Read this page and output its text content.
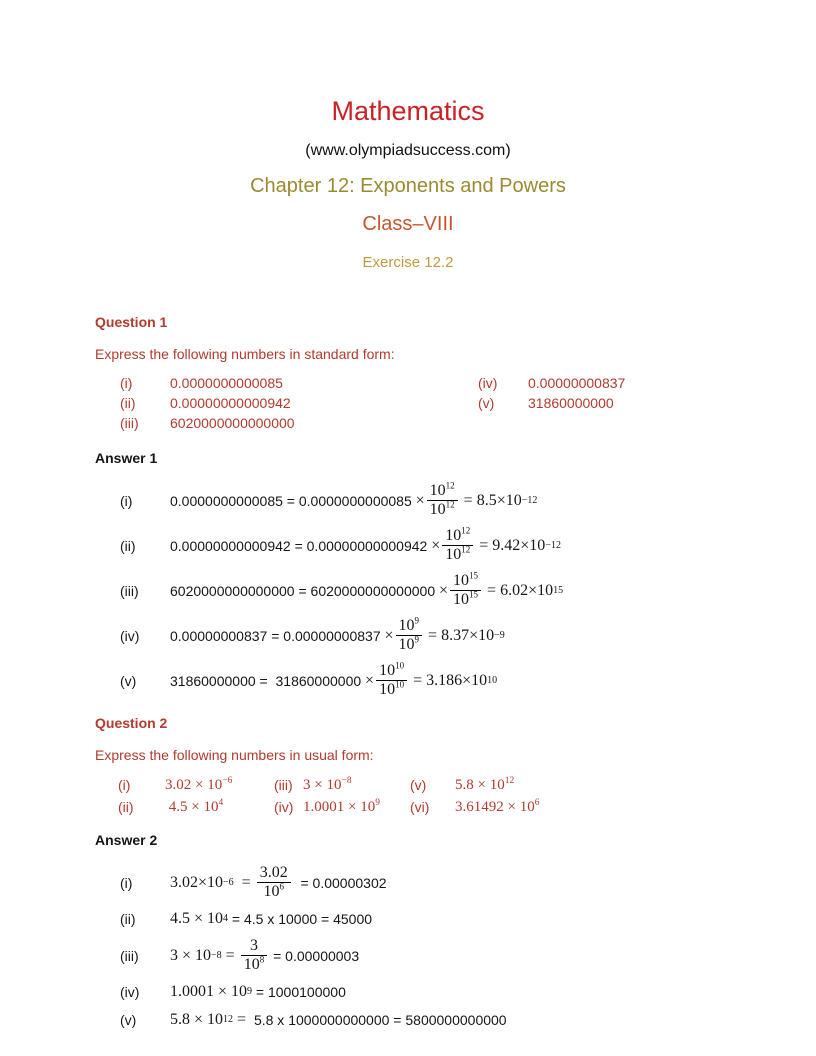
Mathematics
(www.olympiadsuccess.com)
Chapter 12: Exponents and Powers
Class–VIII
Exercise 12.2
Question 1

Express the following numbers in standard form:

(i)	0.0000000000085
(ii)	0.00000000000942
(iii)	6020000000000000
(iv)	0.00000000837
(v)	31860000000
Answer 1
(i)	$0.0000000000085 = 0.0000000000085 \times \frac{10^{12}}{10^{12}} = 8.5\times 10 -12$
(ii)	$0.00000000000942 = 0.00000000000942 \times \frac{10^{12}}{10^{12}} = 9.42\times 10 -12$
(iii)	$6020000000000000 = 6020000000000000 \times \frac{10^{15}}{10^{15}} = 6.02\times 10$ 15
(iv)	$0.00000000837 = 0.00000000837 \times \frac{10^9}{10^9} = 8.37\times 10 -9$
(v)	$31860000000 = 31860000000 \times \frac{10^{10}}{10^{10}} = 3.186\times 10$ 10
Question 2

Express the following numbers in usual form:

(i)	$3.02 \times 10^{-6}$
(ii)	$4.5 \times 10^4$
(iii) $3 \times 10^{-8}$
(iv) $1.0001 \times 10^9$
(v)	$5.8 \times 10^{12}$
(vi)	$3.61492 \times 10^6$
Answer 2
(i)	$3.02\times 10 -6 = \frac{3.02}{10^6} = 0.00000302$
(ii)	4.5 × 10 4 = 4.5 x 10000 = 45000
(iii)	$3 \times 10 -8 = \frac{3}{10^8} = 0.00000003$
(iv)	1.0001 × 10 9 = 1000100000
(v)	5.8 × 10 12 = 5.8 x 1000000000000 = 5800000000000
